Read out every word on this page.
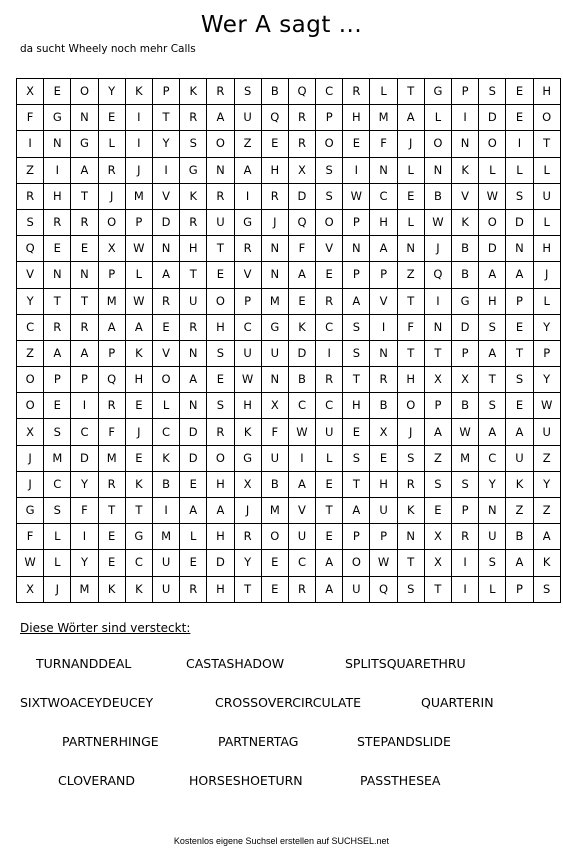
Wer A sagt ...
da sucht Wheely noch mehr Calls
X	E	O	Y	K	P	K	R	S	B	Q	C	R	L	T	G	P	S	E	H
F	G	N	E	I	T	R	A	U	Q	R	P	H	M	A	L	I	D	E	O
I	N	G	L	I	Y	S	O	Z	E	R	O	E	F	J	O	N	O	I	T
Z	I	A	R	J	I	G	N	A	H	X	S	I	N	L	N	K	L	L	L
R	H	T	J	M	V	K	R	I	R	D	S	W	C	E	B	V	W	S	U
S	R	R	O	P	D	R	U	G	J	Q	O	P	H	L	W	K	O	D	L
Q	E	E	X	W	N	H	T	R	N	F	V	N	A	N	J	B	D	N	H
V	N	N	P	L	A	T	E	V	N	A	E	P	P	Z	Q	B	A	A	J
Y	T	T	M	W	R	U	O	P	M	E	R	A	V	T	I	G	H	P	L
C	R	R	A	A	E	R	H	C	G	K	C	S	I	F	N	D	S	E	Y
Z	A	A	P	K	V	N	S	U	U	D	I	S	N	T	T	P	A	T	P
O	P	P	Q	H	O	A	E	W	N	B	R	T	R	H	X	X	T	S	Y
O	E	I	R	E	L	N	S	H	X	C	C	H	B	O	P	B	S	E	W
X	S	C	F	J	C	D	R	K	F	W	U	E	X	J	A	W	A	A	U
J	M	D	M	E	K	D	O	G	U	I	L	S	E	S	Z	M	C	U	Z
J	C	Y	R	K	B	E	H	X	B	A	E	T	H	R	S	S	Y	K	Y
G	S	F	T	T	I	A	A	J	M	V	T	A	U	K	E	P	N	Z	Z
F	L	I	E	G	M	L	H	R	O	U	E	P	P	N	X	R	U	B	A
W	L	Y	E	C	U	E	D	Y	E	C	A	O	W	T	X	I	S	A	K
X	J	M	K	K	U	R	H	T	E	R	A	U	Q	S	T	I	L	P	S
Diese Wörter sind versteckt:
TURNANDDEAL	CASTASHADOW	SPLITSQUARETHRU
SIXTWOACEYDEUCEY	CROSSOVERCIRCULATE	QUARTERIN
PARTNERHINGE	PARTNERTAG	STEPANDSLIDE
CLOVERAND	HORSESHOETURN	PASSTHESEA
Kostenlos eigene Suchsel erstellen auf SUCHSEL.net
